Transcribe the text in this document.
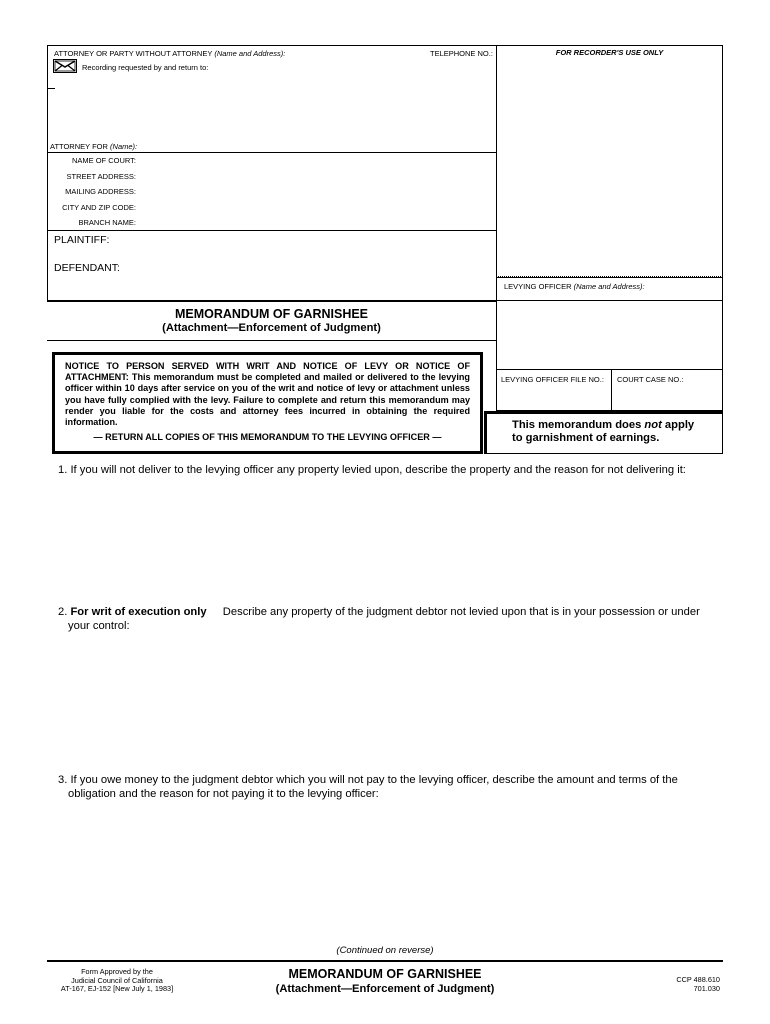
ATTORNEY OR PARTY WITHOUT ATTORNEY (Name and Address):	TELEPHONE NO.:	FOR RECORDER'S USE ONLY
Recording requested by and return to:
ATTORNEY FOR (Name):
NAME OF COURT:
STREET ADDRESS:
MAILING ADDRESS:
CITY AND ZIP CODE:
BRANCH NAME:
PLAINTIFF:
DEFENDANT:
LEVYING OFFICER (Name and Address):
MEMORANDUM OF GARNISHEE
(Attachment—Enforcement of Judgment)
LEVYING OFFICER FILE NO.: COURT CASE NO.:
This memorandum does not apply
to garnishment of earnings.
NOTICE TO PERSON SERVED WITH WRIT AND NOTICE OF LEVY OR NOTICE OF ATTACHMENT: This memorandum must be completed and mailed or delivered to the levying officer within 10 days after service on you of the writ and notice of levy or attachment unless you have fully complied with the levy. Failure to complete and return this memorandum may render you liable for the costs and attorney fees incurred in obtaining the required information.
— RETURN ALL COPIES OF THIS MEMORANDUM TO THE LEVYING OFFICER —
1. If you will not deliver to the levying officer any property levied upon, describe the property and the reason for not delivering it:
2. For writ of execution only Describe any property of the judgment debtor not levied upon that is in your possession or under
your control:
3. If you owe money to the judgment debtor which you will not pay to the levying officer, describe the amount and terms of the
obligation and the reason for not paying it to the levying officer:
(Continued on reverse)
Form Approved by the
Judicial Council of California
AT-167, EJ-152 [New July 1, 1983]
MEMORANDUM OF GARNISHEE
(Attachment—Enforcement of Judgment)
CCP 488.610
701.030
